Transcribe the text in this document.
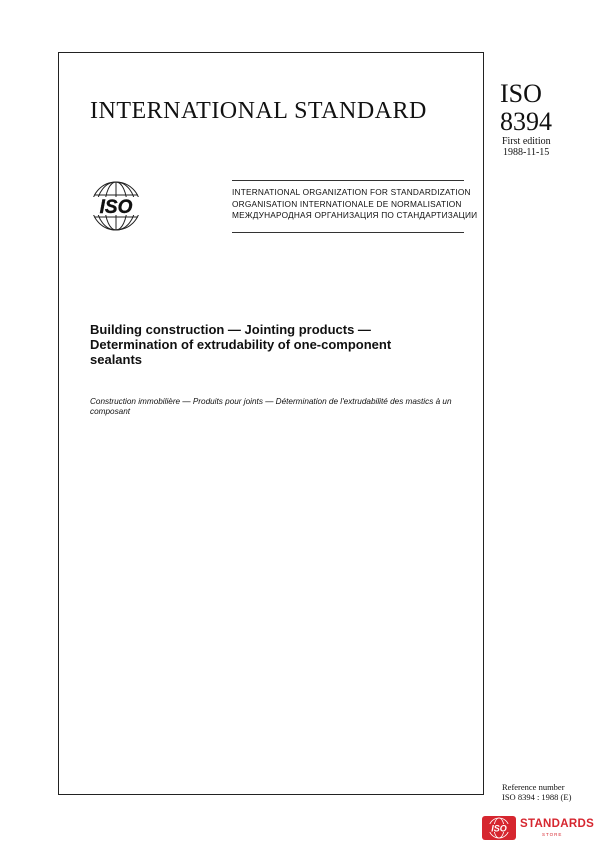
INTERNATIONAL STANDARD
ISO
8394
First edition
1988-11-15
ISO
INTERNATIONAL ORGANIZATION FOR STANDARDIZATION
ORGANISATION INTERNATIONALE DE NORMALISATION
МЕЖДУНАРОДНАЯ ОРГАНИЗАЦИЯ ПО СТАНДАРТИЗАЦИИ
Building construction — Jointing products —
Determination of extrudability of one-component
sealants
Construction immobilière — Produits pour joints — Détermination de l'extrudabilité des mastics à un composant
Reference number
ISO 8394 : 1988 (E)
ISO STANDARDS
STORE
